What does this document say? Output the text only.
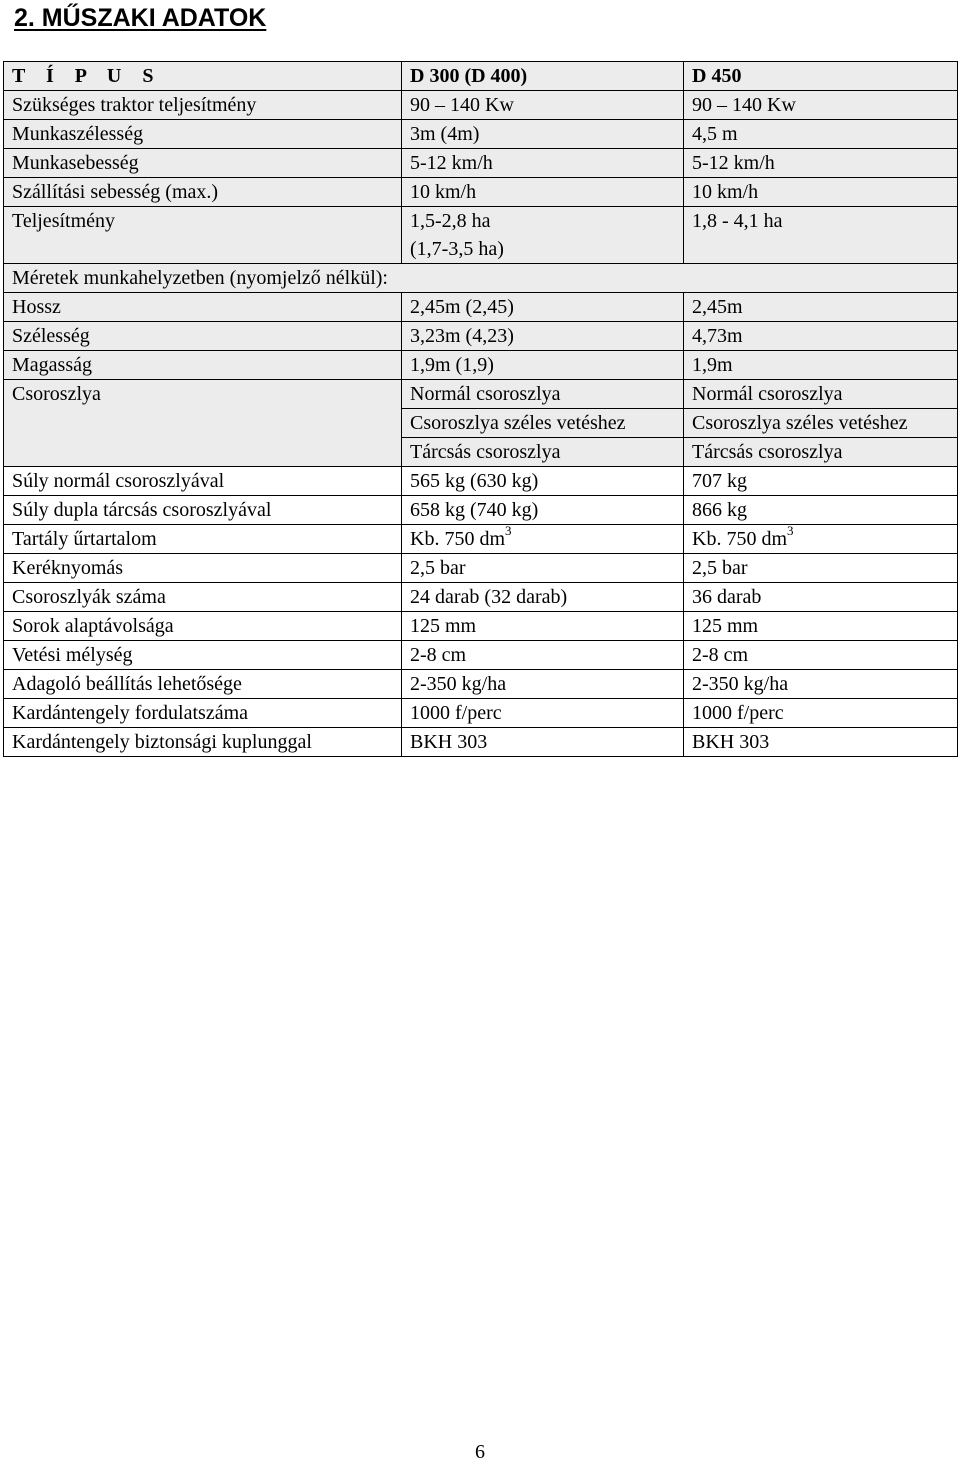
2. MŰSZAKI ADATOK
T Í P U S	D 300 (D 400)	D 450
Szükséges traktor teljesítmény	90 – 140 Kw	90 – 140 Kw
Munkaszélesség	3m (4m)	4,5 m
Munkasebesség	5-12 km/h	5-12 km/h
Szállítási sebesség (max.)	10 km/h	10 km/h
Teljesítmény	1,5-2,8 ha	1,8 - 4,1 ha
	(1,7-3,5 ha)	
Méretek munkahelyzetben (nyomjelző nélkül):		
Hossz	2,45m (2,45)	2,45m
Szélesség	3,23m (4,23)	4,73m
Magasság	1,9m (1,9)	1,9m
Csoroszlya	Normál csoroszlya	Normál csoroszlya
	Csoroszlya széles vetéshez	Csoroszlya széles vetéshez
	Tárcsás csoroszlya	Tárcsás csoroszlya
Súly normál csoroszlyával	565 kg (630 kg)	707 kg
Súly dupla tárcsás csoroszlyával	658 kg (740 kg)	866 kg
Tartály űrtartalom	Kb. 750 $dm^3$	Kb. 750 $dm^3$
Keréknyomás	2,5 bar	2,5 bar
Csoroszlyák száma	24 darab (32 darab)	36 darab
Sorok alaptávolsága	125 mm	125 mm
Vetési mélység	2-8 cm	2-8 cm
Adagoló beállítás lehetősége	2-350 kg/ha	2-350 kg/ha
Kardántengely fordulatszáma	1000 f/perc	1000 f/perc
Kardántengely biztonsági kuplunggal	BKH 303	BKH 303
6
